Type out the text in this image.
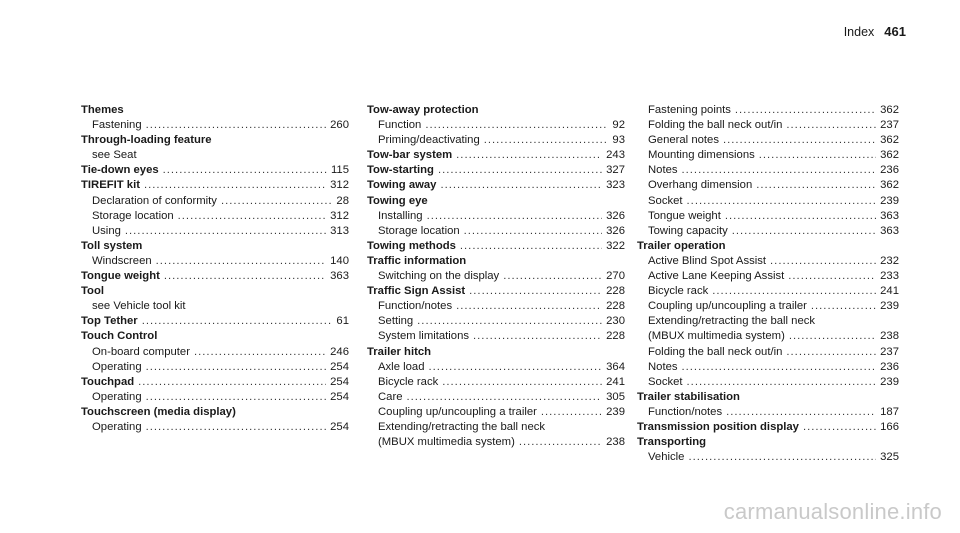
Index 461
Themes
Fastening .....	260
Through-loading feature
see Seat
Tie-down eyes .....	115
TIREFIT kit .....	312
Declaration of conformity .....	28
Storage location .....	312
Using .....	313
Toll system
Windscreen .....	140
Tongue weight .....	363
Tool
see Vehicle tool kit
Top Tether .....	61
Touch Control
On-board computer .....	246
Operating .....	254
Touchpad .....	254
Operating .....	254
Touchscreen (media display)
Operating .....	254
Tow-away protection
Function .....	92
Priming/deactivating .....	93
Tow-bar system .....	243
Tow-starting .....	327
Towing away .....	323
Towing eye
Installing .....	326
Storage location .....	326
Towing methods .....	322
Traffic information
Switching on the display .....	270
Traffic Sign Assist .....	228
Function/notes .....	228
Setting .....	230
System limitations .....	228
Trailer hitch
Axle load .....	364
Bicycle rack .....	241
Care .....	305
Coupling up/uncoupling a trailer .....	239
Extending/retracting the ball neck
(MBUX multimedia system) .....	238
Fastening points .....	362
Folding the ball neck out/in .....	237
General notes .....	362
Mounting dimensions .....	362
Notes .....	236
Overhang dimension .....	362
Socket .....	239
Tongue weight .....	363
Towing capacity .....	363
Trailer operation
Active Blind Spot Assist .....	232
Active Lane Keeping Assist .....	233
Bicycle rack .....	241
Coupling up/uncoupling a trailer .....	239
Extending/retracting the ball neck
(MBUX multimedia system) .....	238
Folding the ball neck out/in .....	237
Notes .....	236
Socket .....	239
Trailer stabilisation
Function/notes .....	187
Transmission position display .....	166
Transporting
Vehicle .....	325
carmanualsonline.info
